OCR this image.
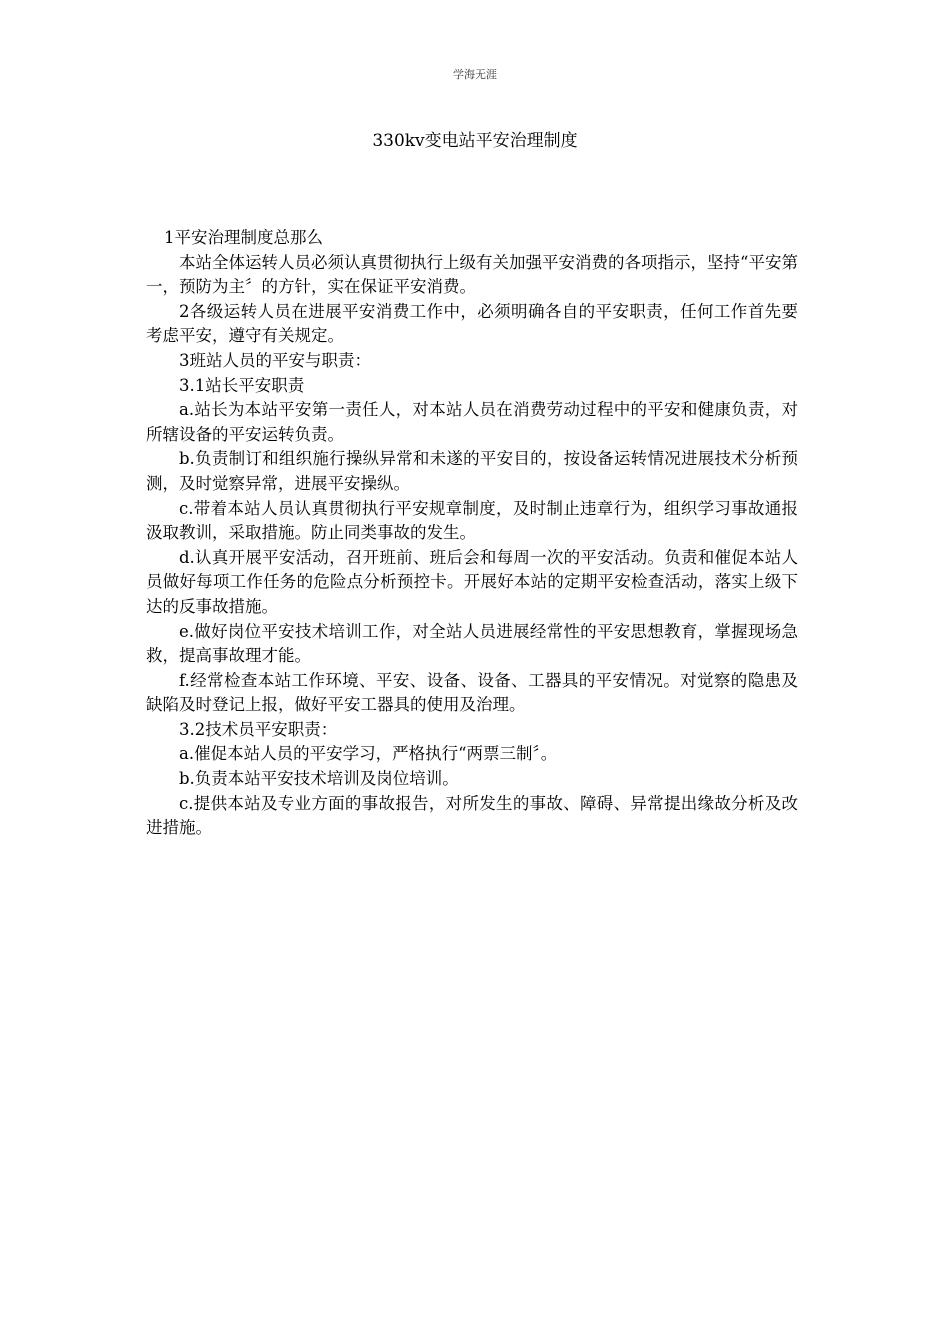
学海无涯
330kv变电站平安治理制度

1平安治理制度总那么

本站全体运转人员必须认真贯彻执行上级有关加强平安消费的各项指示，坚持“平安第一，预防为主〞的方针，实在保证平安消费。

2各级运转人员在进展平安消费工作中，必须明确各自的平安职责，任何工作首先要考虑平安，遵守有关规定。

3班站人员的平安与职责：

3.1站长平安职责

a.站长为本站平安第一责任人，对本站人员在消费劳动过程中的平安和健康负责，对所辖设备的平安运转负责。

b.负责制订和组织施行操纵异常和未遂的平安目的，按设备运转情况进展技术分析预测，及时觉察异常，进展平安操纵。

c.带着本站人员认真贯彻执行平安规章制度，及时制止违章行为，组织学习事故通报汲取教训，采取措施。防止同类事故的发生。

d.认真开展平安活动，召开班前、班后会和每周一次的平安活动。负责和催促本站人员做好每项工作任务的危险点分析预控卡。开展好本站的定期平安检查活动，落实上级下达的反事故措施。

e.做好岗位平安技术培训工作，对全站人员进展经常性的平安思想教育，掌握现场急救，提高事故理才能。

f.经常检查本站工作环境、平安、设备、设备、工器具的平安情况。对觉察的隐患及缺陷及时登记上报，做好平安工器具的使用及治理。

3.2技术员平安职责：

a.催促本站人员的平安学习，严格执行“两票三制〞。

b.负责本站平安技术培训及岗位培训。

c.提供本站及专业方面的事故报告，对所发生的事故、障碍、异常提出缘故分析及改进措施。
